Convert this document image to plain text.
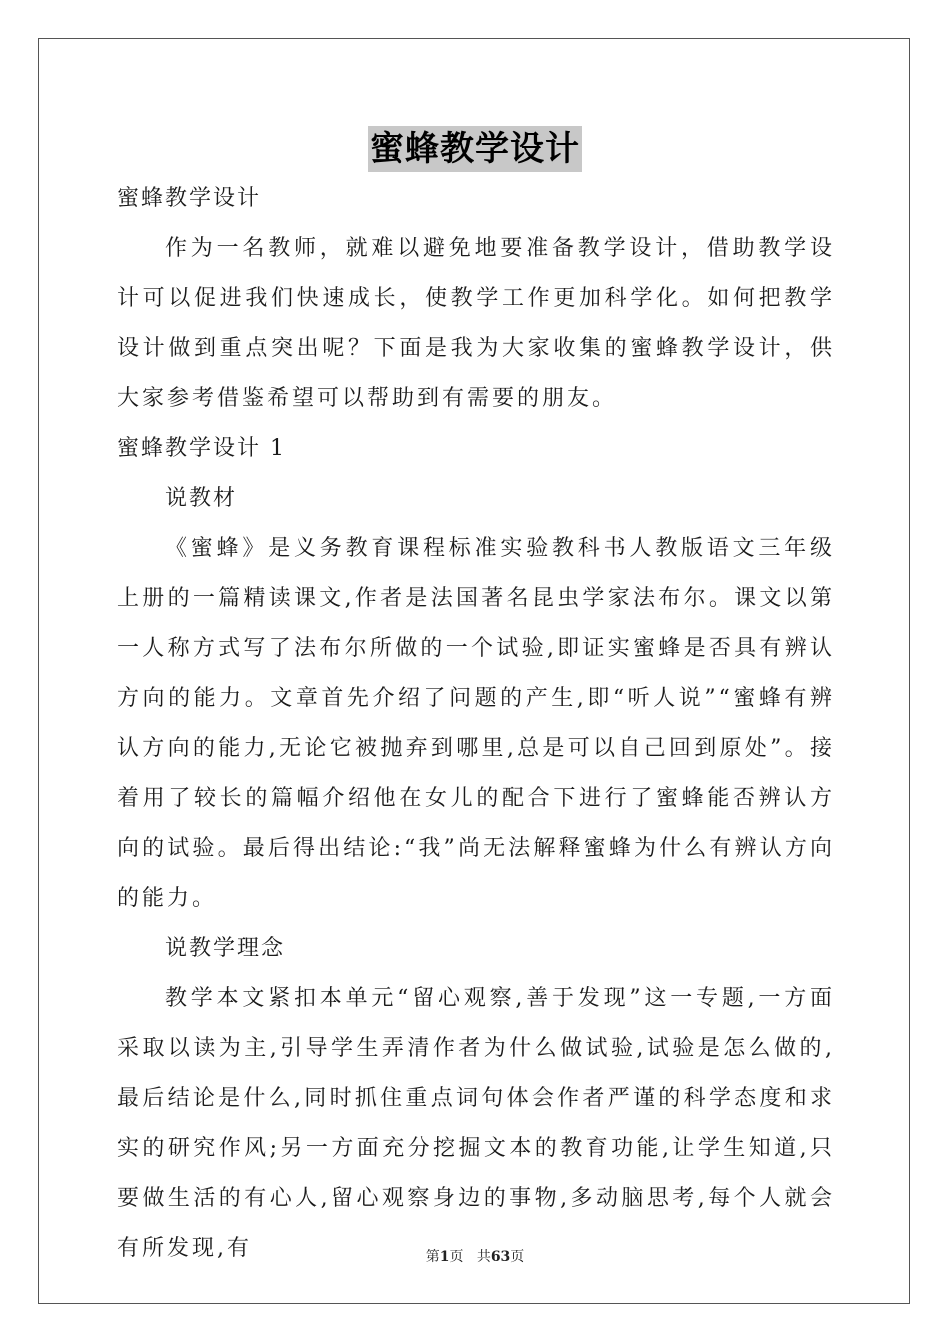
蜜蜂教学设计

蜜蜂教学设计

作为一名教师，就难以避免地要准备教学设计，借助教学设计可以促进我们快速成长，使教学工作更加科学化。如何把教学设计做到重点突出呢？下面是我为大家收集的蜜蜂教学设计，供大家参考借鉴希望可以帮助到有需要的朋友。

蜜蜂教学设计 1

说教材

《蜜蜂》是义务教育课程标准实验教科书人教版语文三年级上册的一篇精读课文,作者是法国著名昆虫学家法布尔。课文以第一人称方式写了法布尔所做的一个试验,即证实蜜蜂是否具有辨认方向的能力。文章首先介绍了问题的产生,即“听人说”“蜜蜂有辨认方向的能力,无论它被抛弃到哪里,总是可以自己回到原处”。接着用了较长的篇幅介绍他在女儿的配合下进行了蜜蜂能否辨认方向的试验。最后得出结论:“我”尚无法解释蜜蜂为什么有辨认方向的能力。

说教学理念

教学本文紧扣本单元“留心观察,善于发现”这一专题,一方面采取以读为主,引导学生弄清作者为什么做试验,试验是怎么做的,最后结论是什么,同时抓住重点词句体会作者严谨的科学态度和求实的研究作风;另一方面充分挖掘文本的教育功能,让学生知道,只要做生活的有心人,留心观察身边的事物,多动脑思考,每个人就会有所发现,有	第1页 共63页
